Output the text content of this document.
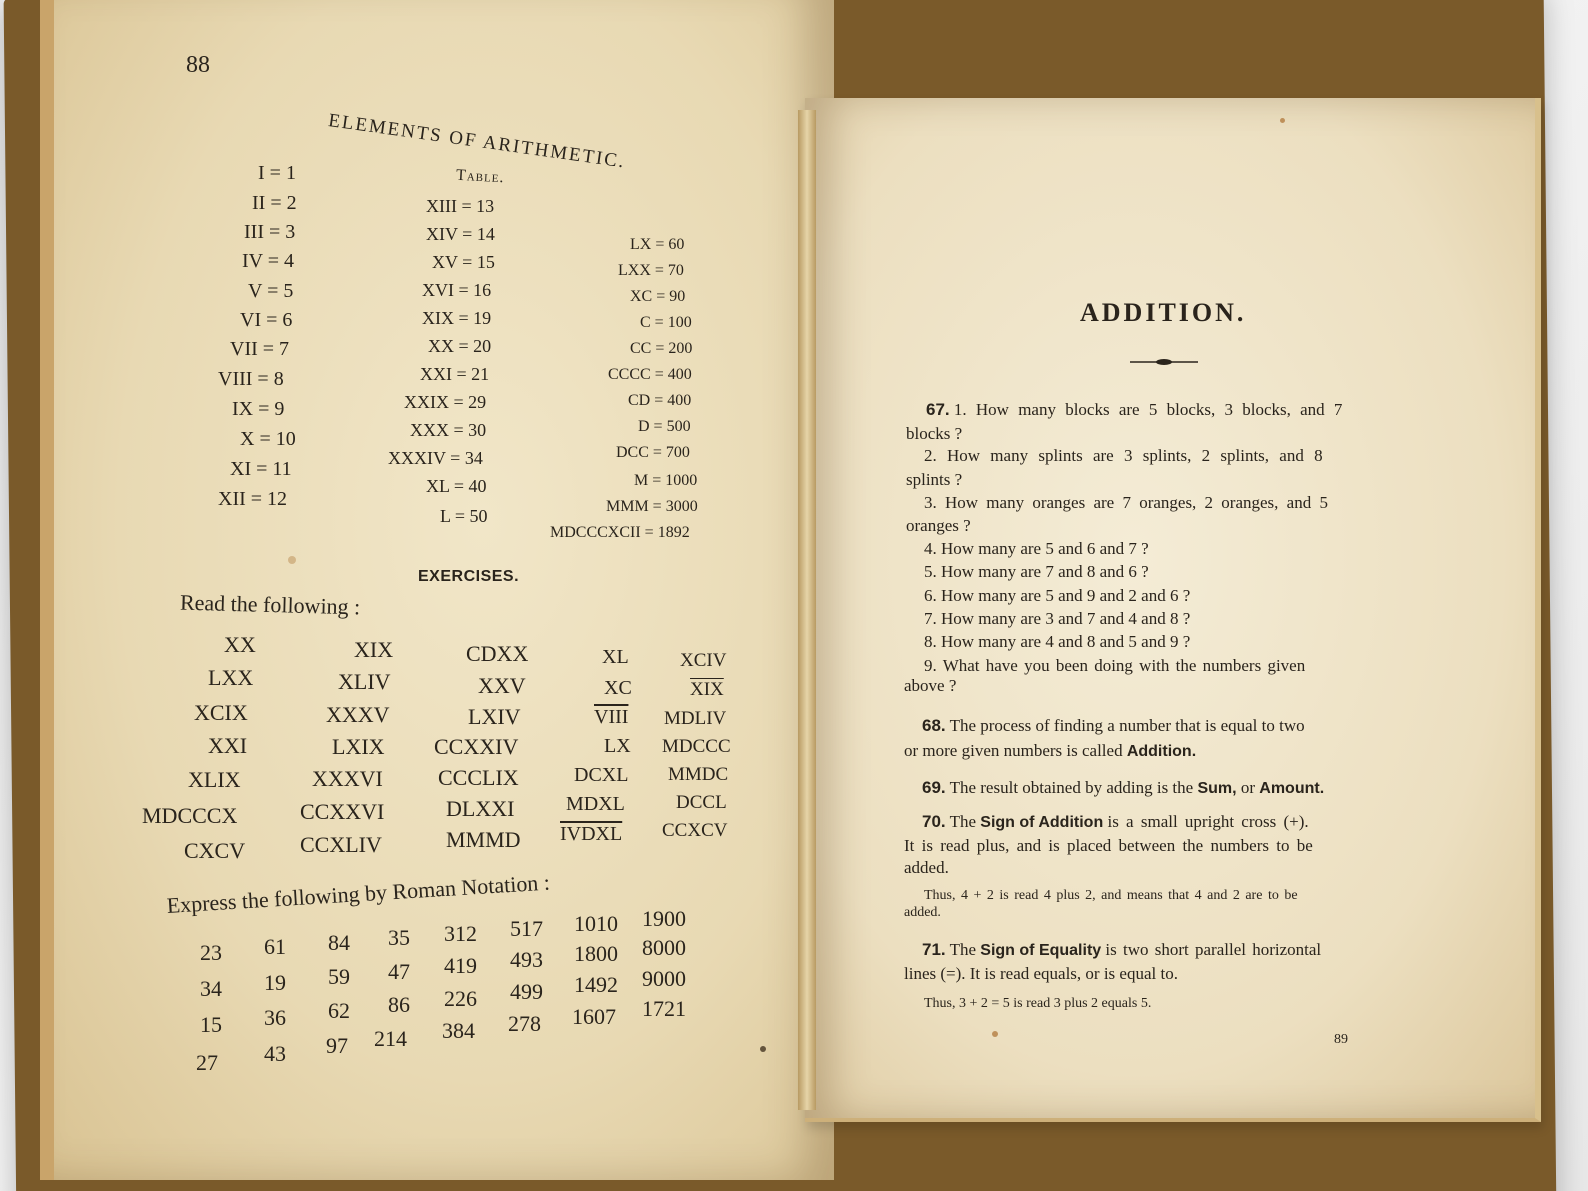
88
ELEMENTS OF ARITHMETIC.
Table.
I = 1
II = 2
III = 3
IV = 4
V = 5
VI = 6
VII = 7
VIII = 8
IX = 9
X = 10
XI = 11
XII = 12
XIII = 13
XIV = 14
XV = 15
XVI = 16
XIX = 19
XX = 20
XXI = 21
XXIX = 29
XXX = 30
XXXIV = 34
XL = 40
L = 50
LX = 60
LXX = 70
XC = 90
C = 100
CC = 200
CCCC = 400
CD = 400
D = 500
DCC = 700
M = 1000
MMM = 3000
MDCCCXCII = 1892
EXERCISES.
Read the following :
XX	XIX	CDXX	XL	XCIV
LXX	XLIV	XXV	XC	$\overline{XIX}$
XCIX	XXXV	LXIV	VIII MDLIV
XXI	LXIX CCXXIV	LX MDCCC
XLIX	XXXVI	CCCLIX	DCXL MMDC
MDCCCX	CCXXVI	DLXXI	MDXL	DCCL
CXCV CCXLIV	MMMD IVDXL CCXCV
Express the following by Roman Notation :
23 61 84 35 312 517 1010 1900
34 19 59 47 419 493 1800 8000
15 36 62 86 226 499 1492 9000
27 43 97 214 384 278 1607 1721
ADDITION.
67. 1. How many blocks are 5 blocks, 3 blocks, and 7
blocks ?
2. How many splints are 3 splints, 2 splints, and 8
splints ?
3. How many oranges are 7 oranges, 2 oranges, and 5
oranges ?
4. How many are 5 and 6 and 7 ?
5. How many are 7 and 8 and 6 ?
6. How many are 5 and 9 and 2 and 6 ?
7. How many are 3 and 7 and 4 and 8 ?
8. How many are 4 and 8 and 5 and 9 ?
9. What have you been doing with the numbers given
above ?
68. The process of finding a number that is equal to two
or more given numbers is called Addition.
69. The result obtained by adding is the Sum, or Amount.
70. The Sign of Addition is a small upright cross (+).
It is read plus, and is placed between the numbers to be
added.
Thus, 4 + 2 is read 4 plus 2, and means that 4 and 2 are to be
added.
71. The Sign of Equality is two short parallel horizontal
lines (=). It is read equals, or is equal to.
Thus, 3 + 2 = 5 is read 3 plus 2 equals 5.
89
